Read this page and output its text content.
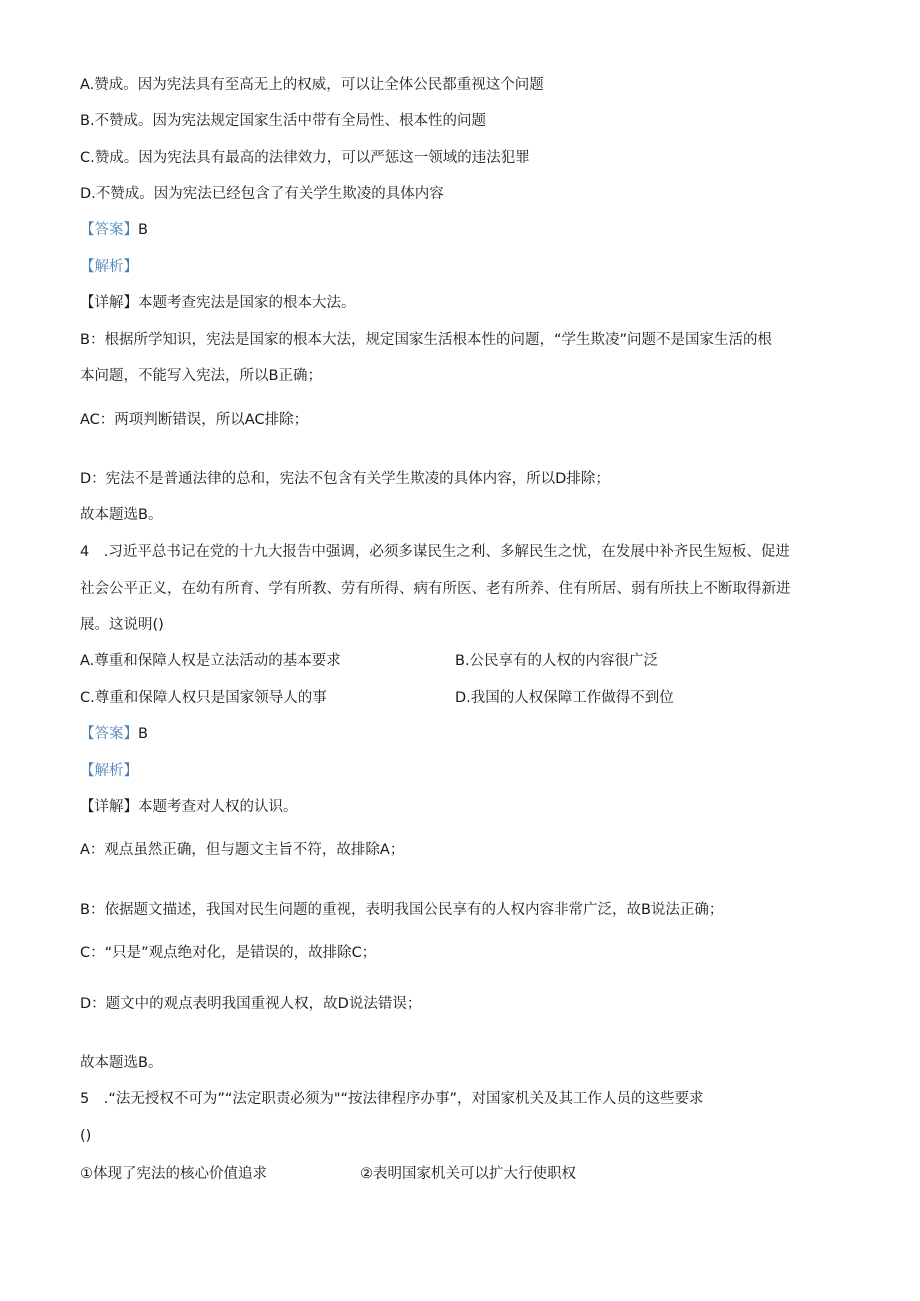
A.赞成。因为宪法具有至高无上的权威，可以让全体公民都重视这个问题
B.不赞成。因为宪法规定国家生活中带有全局性、根本性的问题
C.赞成。因为宪法具有最高的法律效力，可以严惩这一领域的违法犯罪
D.不赞成。因为宪法已经包含了有关学生欺凌的具体内容
【答案】B
【解析】
【详解】本题考查宪法是国家的根本大法。
B：根据所学知识，宪法是国家的根本大法，规定国家生活根本性的问题，“学生欺凌”问题不是国家生活的根
本问题，不能写入宪法，所以B正确；
AC：两项判断错误，所以AC排除；
D：宪法不是普通法律的总和，宪法不包含有关学生欺凌的具体内容，所以D排除；
故本题选B。
4　.习近平总书记在党的十九大报告中强调，必须多谋民生之利、多解民生之忧，在发展中补齐民生短板、促进
社会公平正义，在幼有所育、学有所教、劳有所得、病有所医、老有所养、住有所居、弱有所扶上不断取得新进
展。这说明()
A.尊重和保障人权是立法活动的基本要求	B.公民享有的人权的内容很广泛
C.尊重和保障人权只是国家领导人的事	D.我国的人权保障工作做得不到位
【答案】B
【解析】
【详解】本题考查对人权的认识。
A：观点虽然正确，但与题文主旨不符，故排除A；
B：依据题文描述，我国对民生问题的重视，表明我国公民享有的人权内容非常广泛，故B说法正确；
C：“只是”观点绝对化，是错误的，故排除C；
D：题文中的观点表明我国重视人权，故D说法错误；
故本题选B。
5　.“法无授权不可为”“法定职责必须为"“按法律程序办事”，对国家机关及其工作人员的这些要求
()
①体现了宪法的核心价值追求	②表明国家机关可以扩大行使职权
